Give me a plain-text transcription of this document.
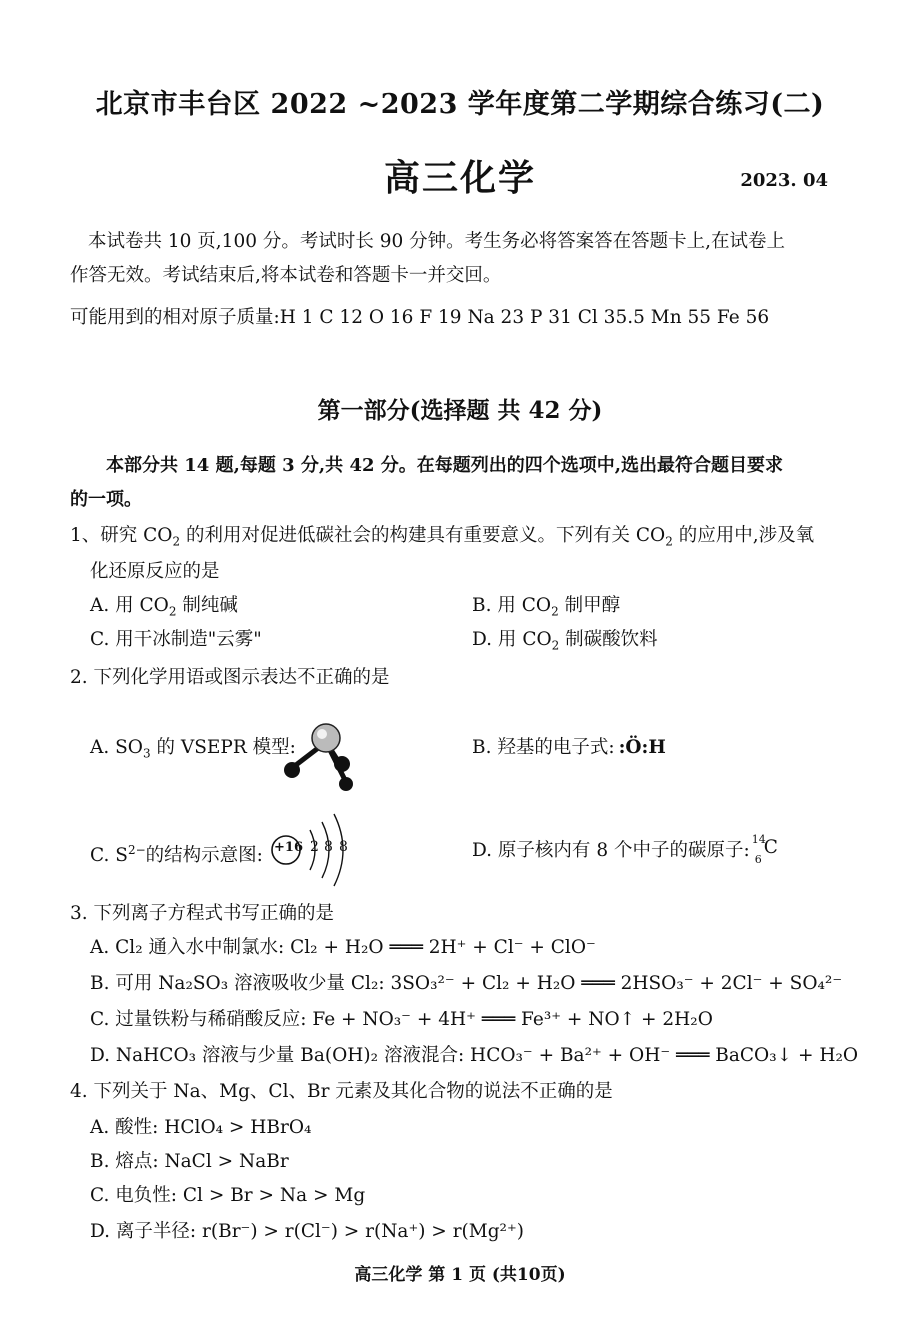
北京市丰台区 2022 ~2023 学年度第二学期综合练习(二)
高三化学	2023. 04
本试卷共 10 页,100 分。考试时长 90 分钟。考生务必将答案答在答题卡上,在试卷上
作答无效。考试结束后,将本试卷和答题卡一并交回。
可能用到的相对原子质量:H 1 C 12 O 16 F 19 Na 23 P 31 Cl 35.5 Mn 55 Fe 56
第一部分(选择题 共 42 分)
本部分共 14 题,每题 3 分,共 42 分。在每题列出的四个选项中,选出最符合题目要求
的一项。
1、研究 $CO_2$ 的利用对促进低碳社会的构建具有重要意义。下列有关 $CO_2$ 的应用中,涉及氧
化还原反应的是
A. 用 $CO_2$ 制纯碱	B. 用 $CO_2$ 制甲醇
C. 用干冰制造"云雾"	D. 用 $CO_2$ 制碳酸饮料
2. 下列化学用语或图示表达不正确的是
A. $SO_3$ 的 VSEPR 模型:	B. 羟基的电子式: :Ö:H
C. $S^{2-}$的结构示意图: +16 2 8 8	D. 原子核内有 8 个中子的碳原子:
14
6
C
3. 下列离子方程式书写正确的是
A. Cl₂ 通入水中制氯水: Cl₂ + H₂O ═══ 2H⁺ + Cl⁻ + ClO⁻
B. 可用 Na₂SO₃ 溶液吸收少量 Cl₂: 3SO₃²⁻ + Cl₂ + H₂O ═══ 2HSO₃⁻ + 2Cl⁻ + SO₄²⁻
C. 过量铁粉与稀硝酸反应: Fe + NO₃⁻ + 4H⁺ ═══ Fe³⁺ + NO↑ + 2H₂O
D. NaHCO₃ 溶液与少量 Ba(OH)₂ 溶液混合: HCO₃⁻ + Ba²⁺ + OH⁻ ═══ BaCO₃↓ + H₂O
4. 下列关于 Na、Mg、Cl、Br 元素及其化合物的说法不正确的是
A. 酸性: HClO₄ > HBrO₄
B. 熔点: NaCl > NaBr
C. 电负性: Cl > Br > Na > Mg
D. 离子半径: r(Br⁻) > r(Cl⁻) > r(Na⁺) > r(Mg²⁺)
高三化学 第 1 页 (共10页)
